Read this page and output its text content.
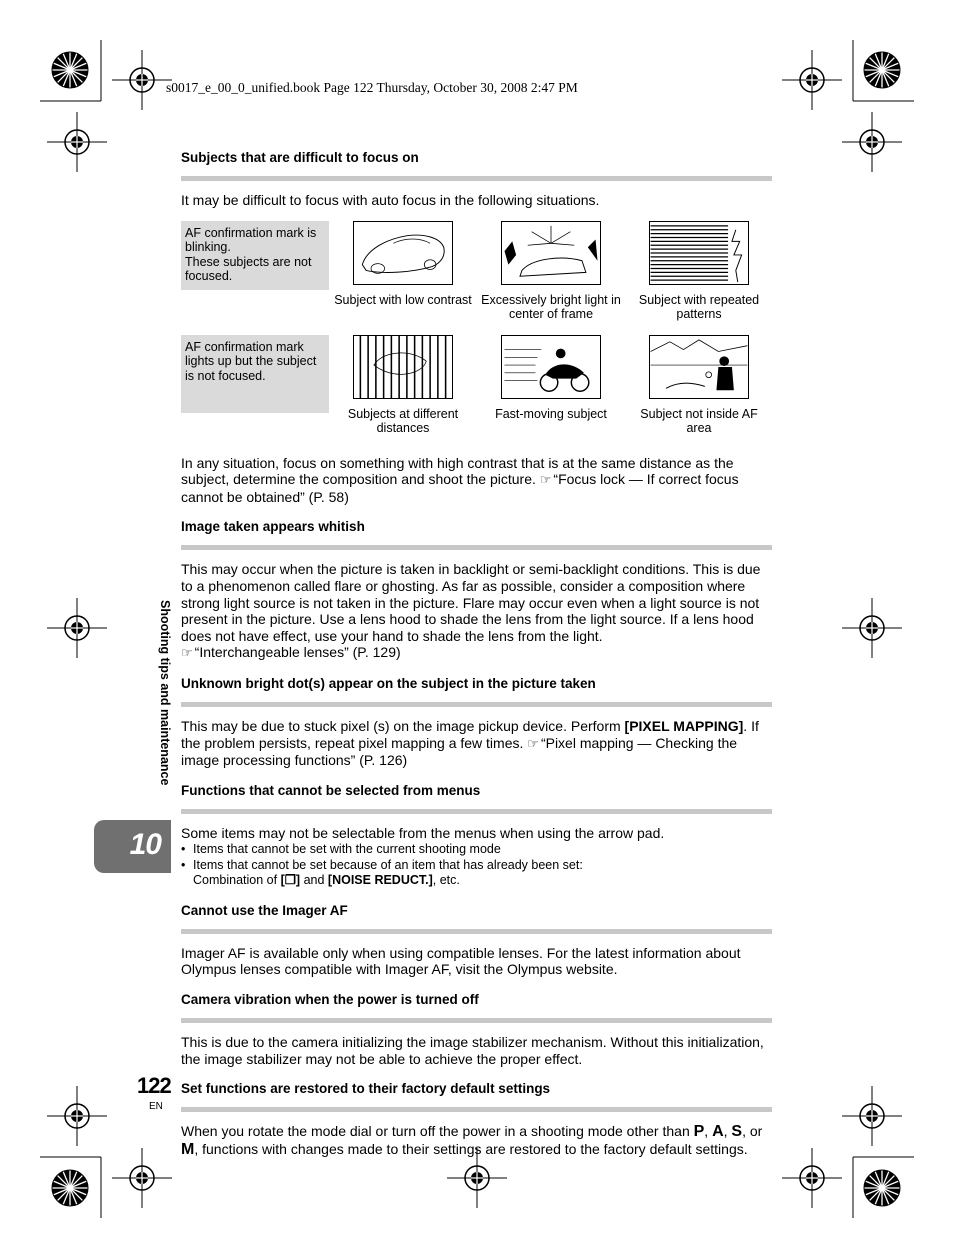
s0017_e_00_0_unified.book Page 122 Thursday, October 30, 2008 2:47 PM
Shooting tips and maintenance
10

Subjects that are difficult to focus on

It may be difficult to focus with auto focus in the following situations.

AF confirmation mark is blinking.
These subjects are not focused.
AF confirmation mark lights up but the subject is not focused.
Subject with low contrast Excessively bright light in center of frame
Subject with repeated patterns
Subjects at different distances
Fast-moving subject	Subject not inside AF area

In any situation, focus on something with high contrast that is at the same distance as the subject, determine the composition and shoot the picture. ☞ “Focus lock — If correct focus cannot be obtained” (P. 58)

Image taken appears whitish

This may occur when the picture is taken in backlight or semi-backlight conditions. This is due to a phenomenon called flare or ghosting. As far as possible, consider a composition where strong light source is not taken in the picture. Flare may occur even when a light source is not present in the picture. Use a lens hood to shade the lens from the light source. If a lens hood does not have effect, use your hand to shade the lens from the light.
☞ “Interchangeable lenses” (P. 129)

Unknown bright dot(s) appear on the subject in the picture taken

This may be due to stuck pixel (s) on the image pickup device. Perform [PIXEL MAPPING]. If the problem persists, repeat pixel mapping a few times. ☞ “Pixel mapping — Checking the image processing functions” (P. 126)

Functions that cannot be selected from menus

Some items may not be selectable from the menus when using the arrow pad.

• Items that cannot be set with the current shooting mode
• Items that cannot be set because of an item that has already been set:
Combination of [❐] and [NOISE REDUCT.], etc.

Cannot use the Imager AF

Imager AF is available only when using compatible lenses. For the latest information about Olympus lenses compatible with Imager AF, visit the Olympus website.

Camera vibration when the power is turned off

This is due to the camera initializing the image stabilizer mechanism. Without this initialization, the image stabilizer may not be able to achieve the proper effect.

Set functions are restored to their factory default settings

When you rotate the mode dial or turn off the power in a shooting mode other than P, A, S, or M, functions with changes made to their settings are restored to the factory default settings.

122
EN
